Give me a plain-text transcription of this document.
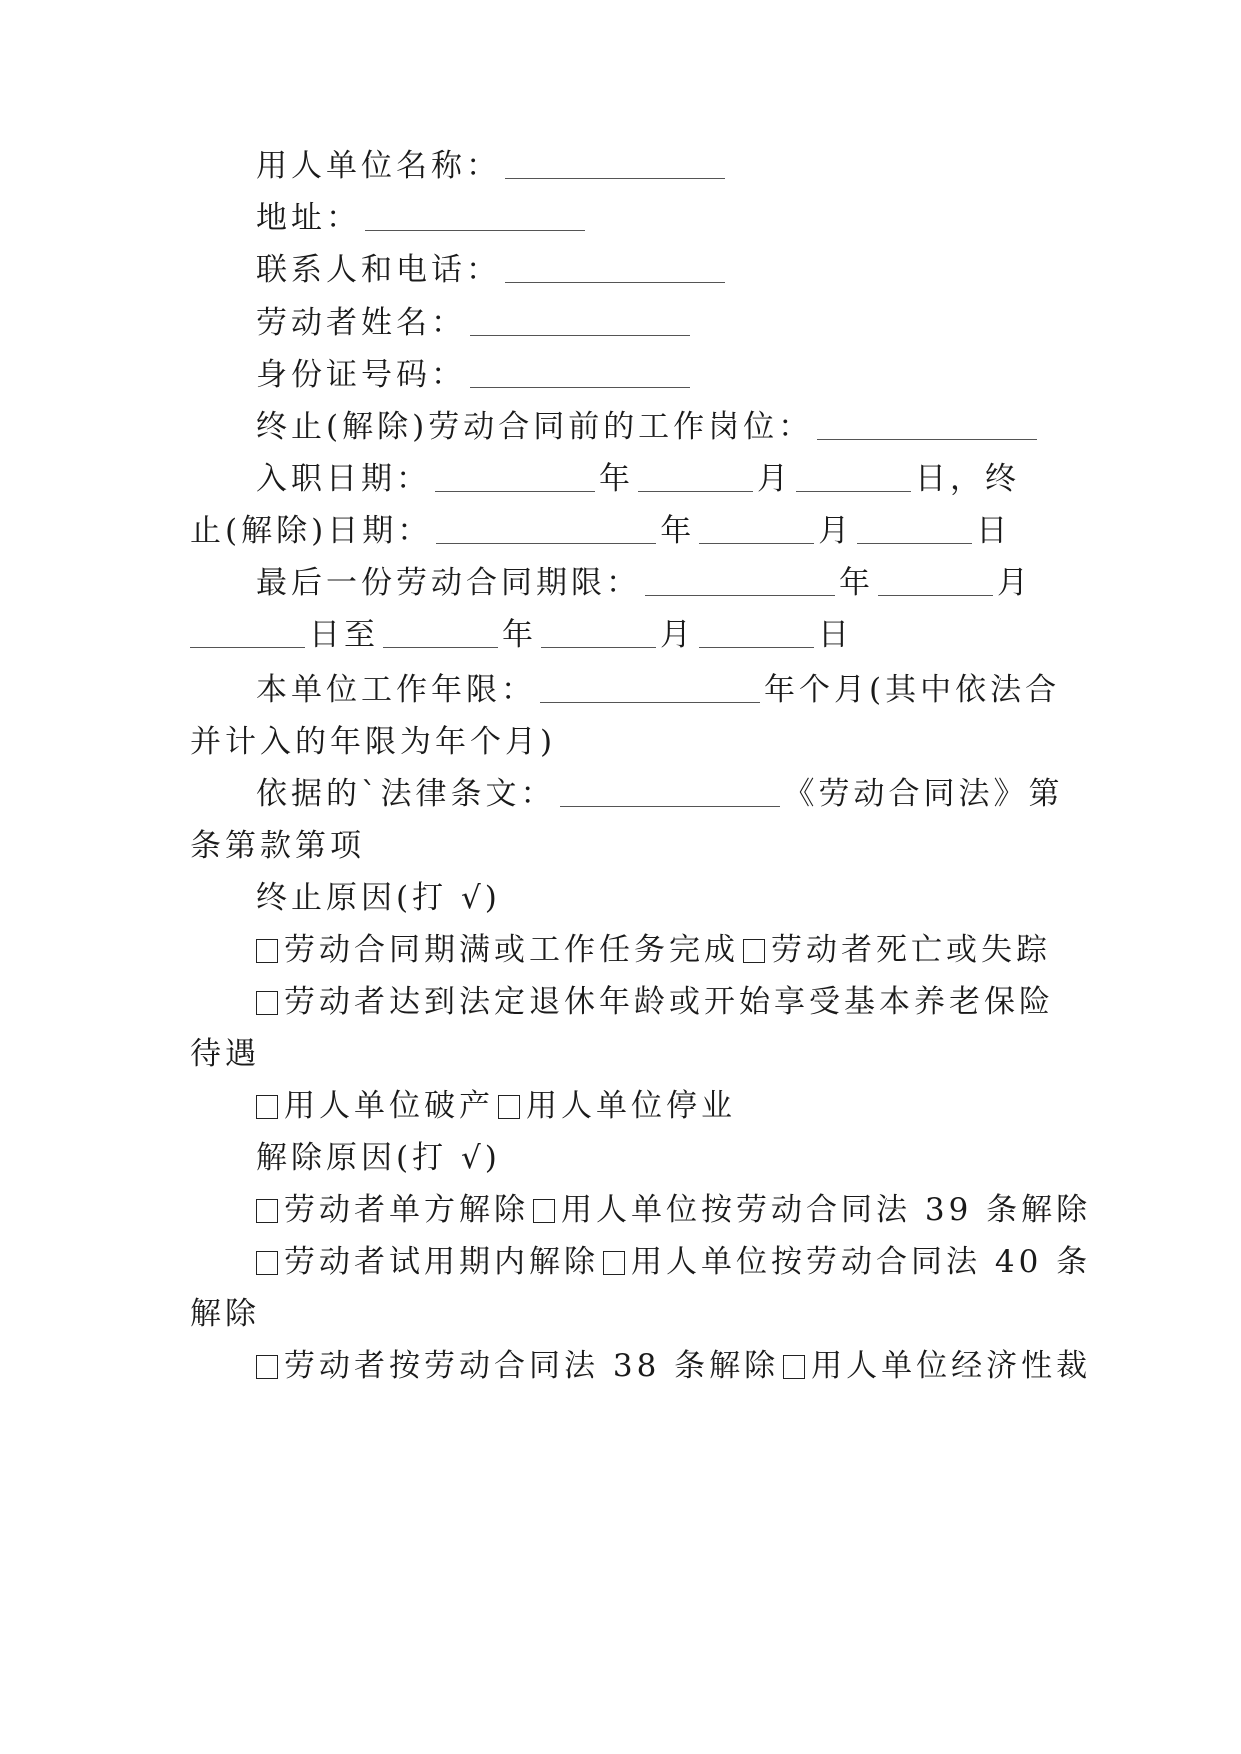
用人单位名称：
地址：
联系人和电话：
劳动者姓名：
身份证号码：
终止(解除)劳动合同前的工作岗位：
入职日期：	年	月	日，终
止(解除)日期：	年	月	日
最后一份劳动合同期限：	年	月
日至	年	月	日
本单位工作年限：	年个月(其中依法合
并计入的年限为年个月)
依据的`法律条文：	《劳动合同法》第
条第款第项
终止原因(打 √)
劳动合同期满或工作任务完成 劳动者死亡或失踪
劳动者达到法定退休年龄或开始享受基本养老保险
待遇
用人单位破产 用人单位停业
解除原因(打 √)
劳动者单方解除 用人单位按劳动合同法 39 条解除
劳动者试用期内解除 用人单位按劳动合同法 40 条
解除
劳动者按劳动合同法 38 条解除 用人单位经济性裁
